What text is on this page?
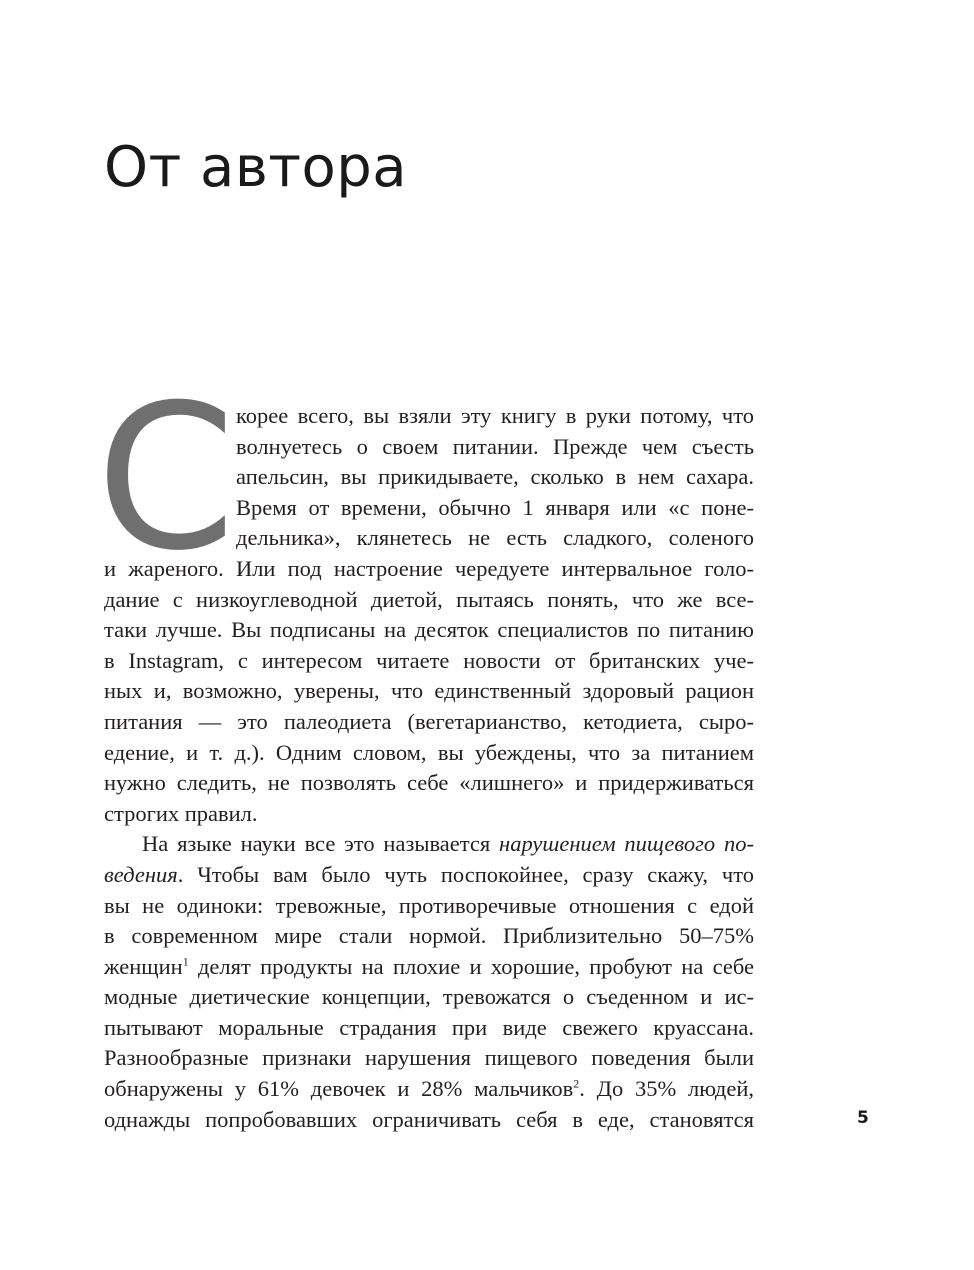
От автора
С корее всего, вы взяли эту книгу в руки потому, что
волнуетесь о своем питании. Прежде чем съесть
апельсин, вы прикидываете, сколько в нем сахара.
Время от времени, обычно 1 января или «с поне-
дельника», клянетесь не есть сладкого, соленого
и жареного. Или под настроение чередуете интервальное голо-
дание с низкоуглеводной диетой, пытаясь понять, что же все-
таки лучше. Вы подписаны на десяток специалистов по питанию
в Instagram, с интересом читаете новости от британских уче-
ных и, возможно, уверены, что единственный здоровый рацион
питания — это палеодиета (вегетарианство, кетодиета, сыро-
едение, и т. д.). Одним словом, вы убеждены, что за питанием
нужно следить, не позволять себе «лишнего» и придерживаться
строгих правил.
На языке науки все это называется нарушением пищевого по-
ведения. Чтобы вам было чуть поспокойнее, сразу скажу, что
вы не одиноки: тревожные, противоречивые отношения с едой
в современном мире стали нормой. Приблизительно 50–75%
женщин$^1$ делят продукты на плохие и хорошие, пробуют на себе
модные диетические концепции, тревожатся о съеденном и ис-
пытывают моральные страдания при виде свежего круассана.
Разнообразные признаки нарушения пищевого поведения были
обнаружены у 61% девочек и 28% мальчиков$^2$. До 35% людей,
однажды попробовавших ограничивать себя в еде, становятся	5
